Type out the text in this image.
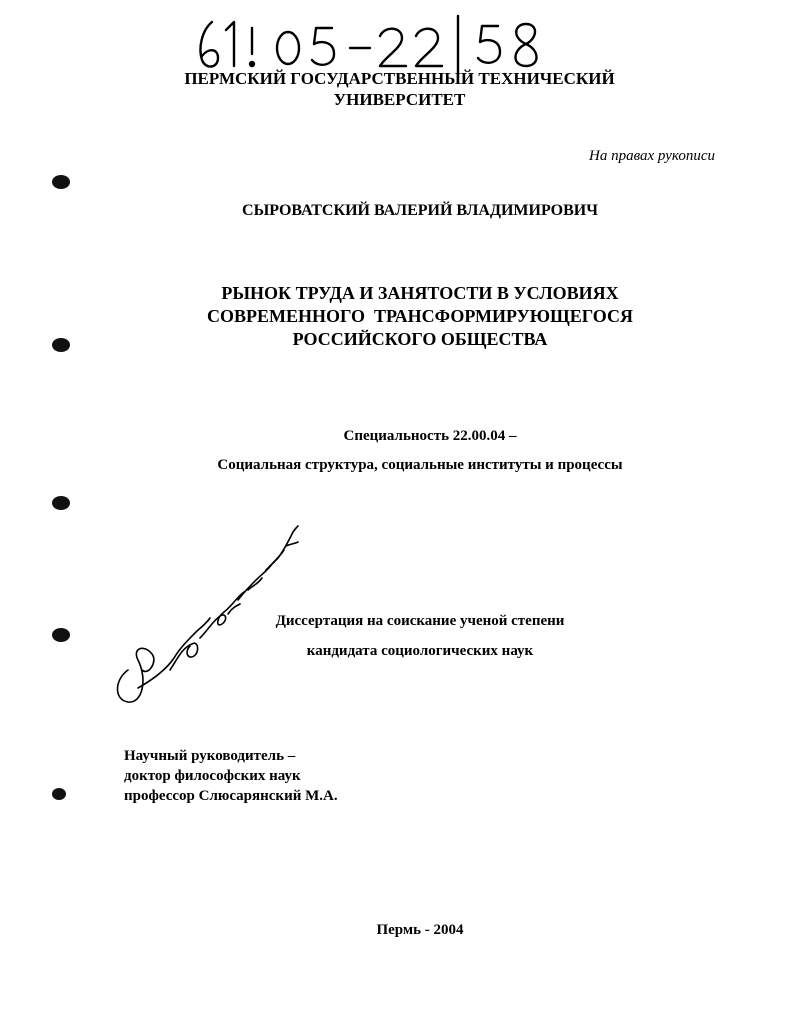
ПЕРМСКИЙ ГОСУДАРСТВЕННЫЙ ТЕХНИЧЕСКИЙ
УНИВЕРСИТЕТ
На правах рукописи
СЫРОВАТСКИЙ ВАЛЕРИЙ ВЛАДИМИРОВИЧ
РЫНОК ТРУДА И ЗАНЯТОСТИ В УСЛОВИЯХ
СОВРЕМЕННОГО  ТРАНСФОРМИРУЮЩЕГОСЯ
РОССИЙСКОГО ОБЩЕСТВА
Специальность 22.00.04 –
Социальная структура, социальные институты и процессы
Диссертация на соискание ученой степени
кандидата социологических наук
Научный руководитель –
доктор философских наук
профессор Слюсарянский М.А.
Пермь - 2004
